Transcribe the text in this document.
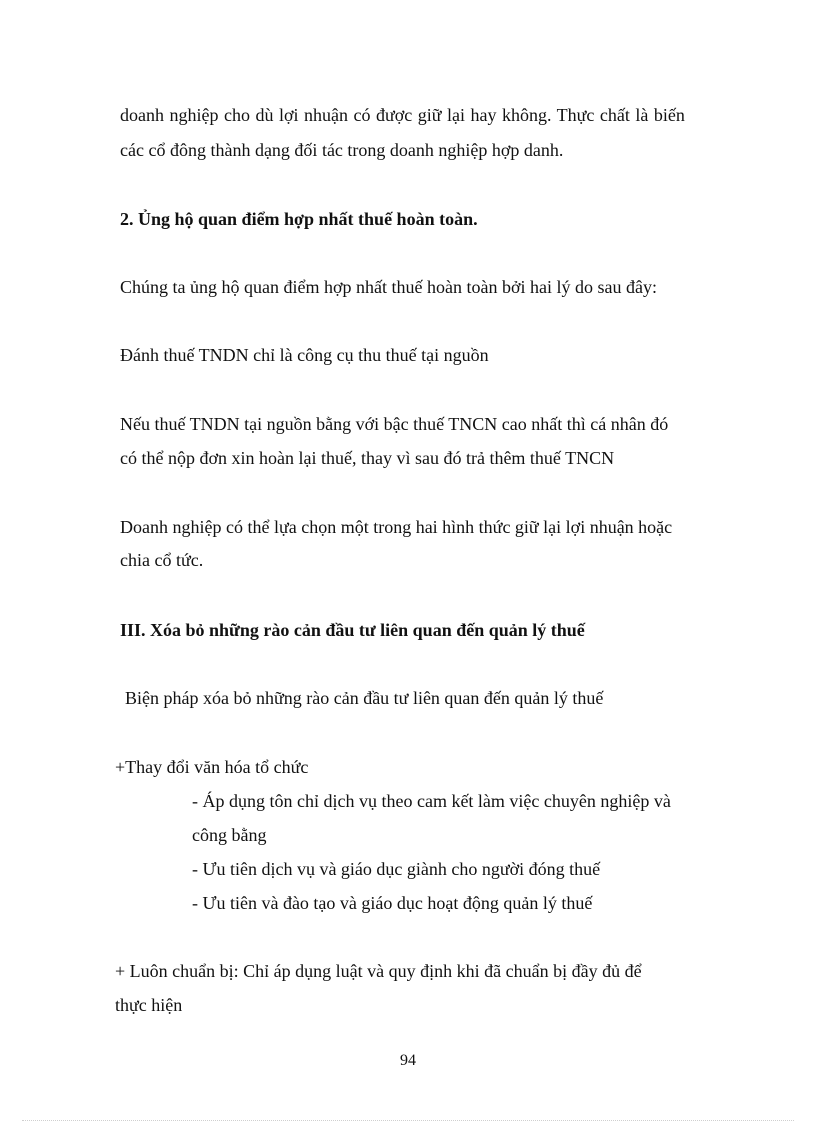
doanh nghiệp cho dù lợi nhuận có được giữ lại hay không. Thực chất là biến
các cổ đông thành dạng đối tác trong doanh nghiệp hợp danh.
2. Ủng hộ quan điểm hợp nhất thuế hoàn toàn.
Chúng ta ủng hộ quan điểm hợp nhất thuế hoàn toàn bởi hai lý do sau đây:
Đánh thuế TNDN chỉ là công cụ thu thuế tại nguồn
Nếu thuế TNDN tại nguồn bằng với bậc thuế TNCN cao nhất thì cá nhân đó
có thể nộp đơn xin hoàn lại thuế, thay vì sau đó trả thêm thuế TNCN
Doanh nghiệp có thể lựa chọn một trong hai hình thức giữ lại lợi nhuận hoặc
chia cổ tức.
III. Xóa bỏ những rào cản đầu tư liên quan đến quản lý thuế
Biện pháp xóa bỏ những rào cản đầu tư liên quan đến quản lý thuế
+Thay đổi văn hóa tổ chức
- Áp dụng tôn chỉ dịch vụ theo cam kết làm việc chuyên nghiệp và
công bằng
- Ưu tiên dịch vụ và giáo dục giành cho người đóng thuế
- Ưu tiên và đào tạo và giáo dục hoạt động quản lý thuế
+ Luôn chuẩn bị: Chỉ áp dụng luật và quy định khi đã chuẩn bị đầy đủ để
thực hiện
94
